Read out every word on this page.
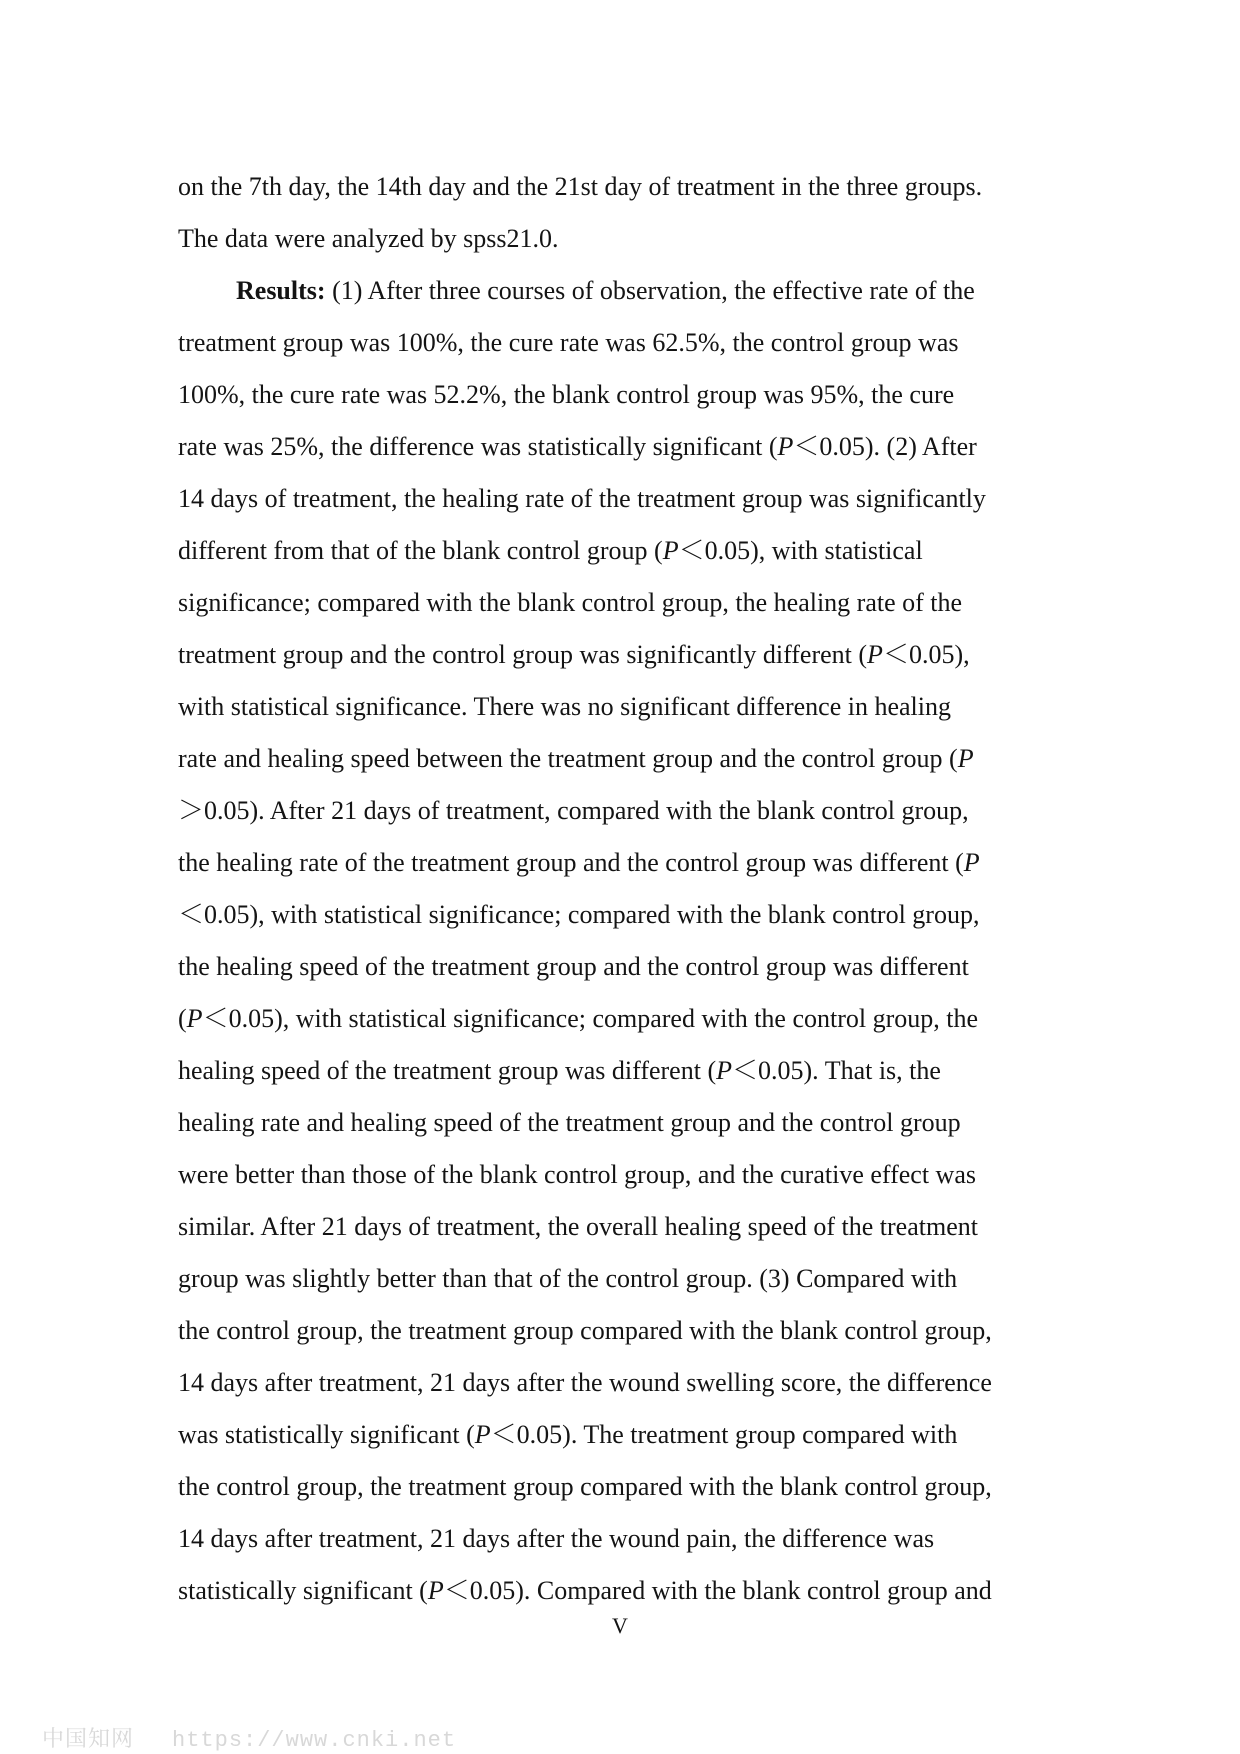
on the 7th day, the 14th day and the 21st day of treatment in the three groups.
The data were analyzed by spss21.0.
Results: (1) After three courses of observation, the effective rate of the
treatment group was 100%, the cure rate was 62.5%, the control group was
100%, the cure rate was 52.2%, the blank control group was 95%, the cure
rate was 25%, the difference was statistically significant (P＜0.05). (2) After
14 days of treatment, the healing rate of the treatment group was significantly
different from that of the blank control group (P＜0.05), with statistical
significance; compared with the blank control group, the healing rate of the
treatment group and the control group was significantly different (P＜0.05),
with statistical significance. There was no significant difference in healing
rate and healing speed between the treatment group and the control group (P
＞0.05). After 21 days of treatment, compared with the blank control group,
the healing rate of the treatment group and the control group was different (P
＜0.05), with statistical significance; compared with the blank control group,
the healing speed of the treatment group and the control group was different
(P＜0.05), with statistical significance; compared with the control group, the
healing speed of the treatment group was different (P＜0.05). That is, the
healing rate and healing speed of the treatment group and the control group
were better than those of the blank control group, and the curative effect was
similar. After 21 days of treatment, the overall healing speed of the treatment
group was slightly better than that of the control group. (3) Compared with
the control group, the treatment group compared with the blank control group,
14 days after treatment, 21 days after the wound swelling score, the difference
was statistically significant (P＜0.05). The treatment group compared with
the control group, the treatment group compared with the blank control group,
14 days after treatment, 21 days after the wound pain, the difference was
statistically significant (P＜0.05). Compared with the blank control group and
V
中国知网 https://www.cnki.net
